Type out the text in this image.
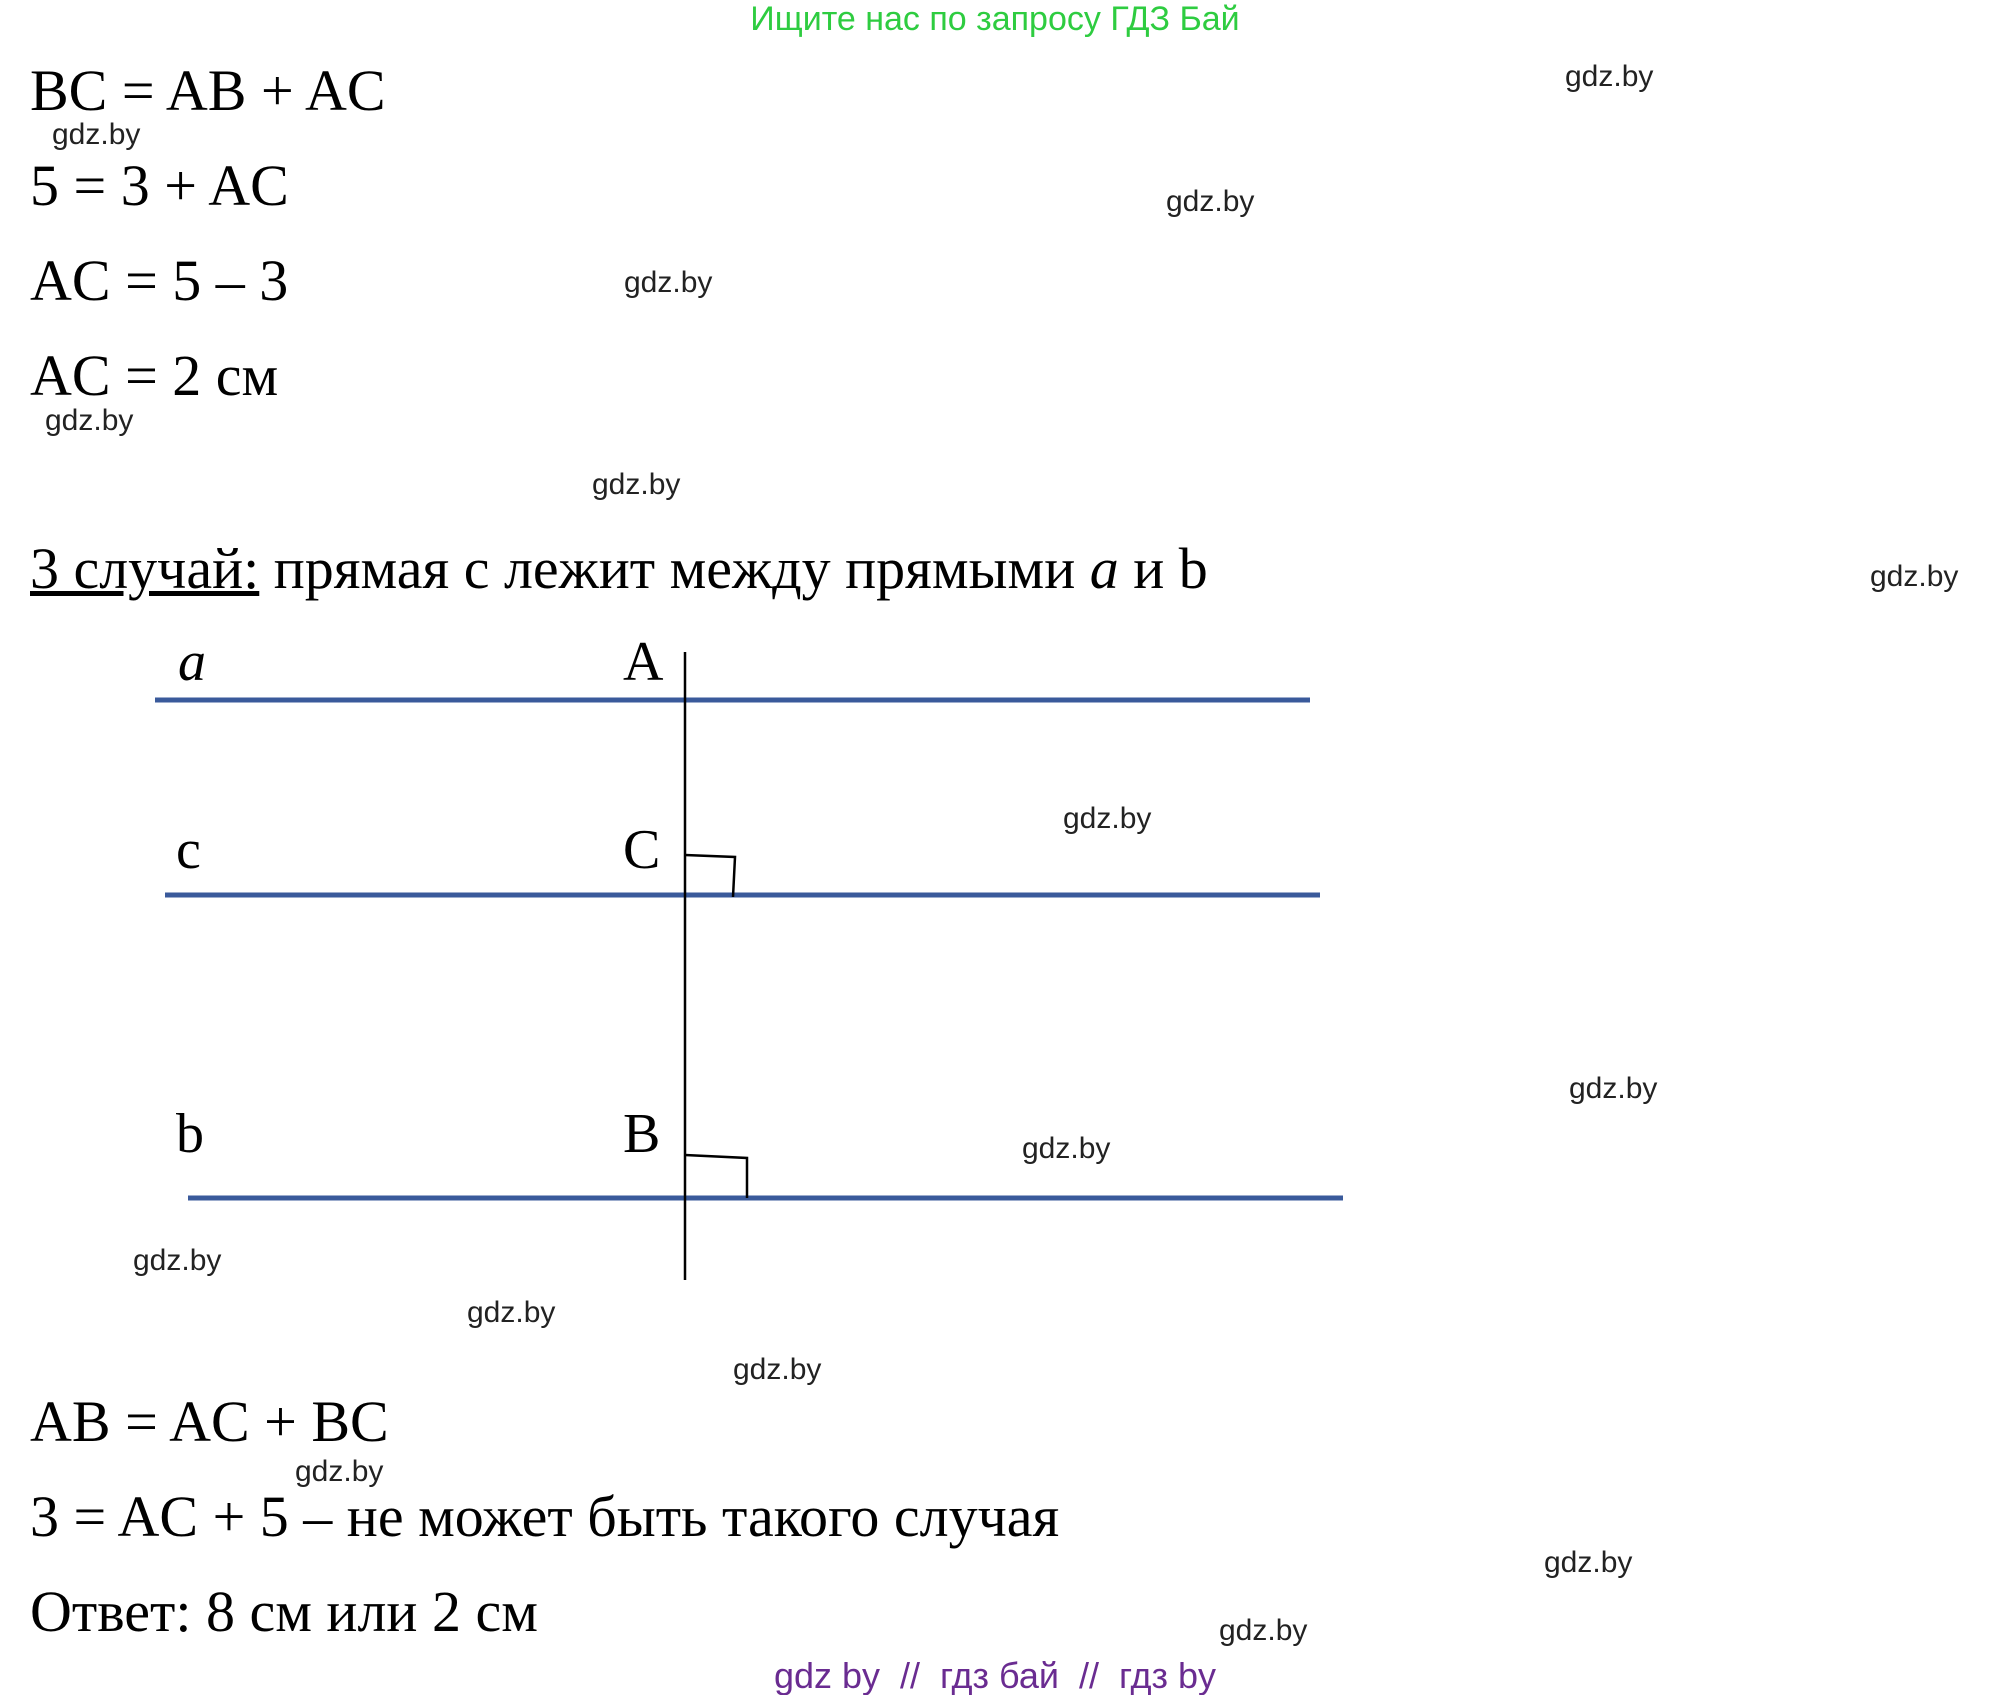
Ищите нас по запросу ГДЗ Бай
BC = AB + AC
5 = 3 + AC
AC = 5 – 3
AC = 2 см
3 случай: прямая с лежит между прямыми a и b
a
c
b
A
C
B
AB = AC + BC
3 = AC + 5 – не может быть такого случая
Ответ: 8 см или 2 см
gdz.by
gdz.by
gdz.by
gdz.by
gdz.by
gdz.by
gdz.by
gdz.by
gdz.by
gdz.by
gdz.by
gdz.by
gdz.by
gdz.by
gdz.by
gdz.by
gdz by // гдз бай // гдз by
